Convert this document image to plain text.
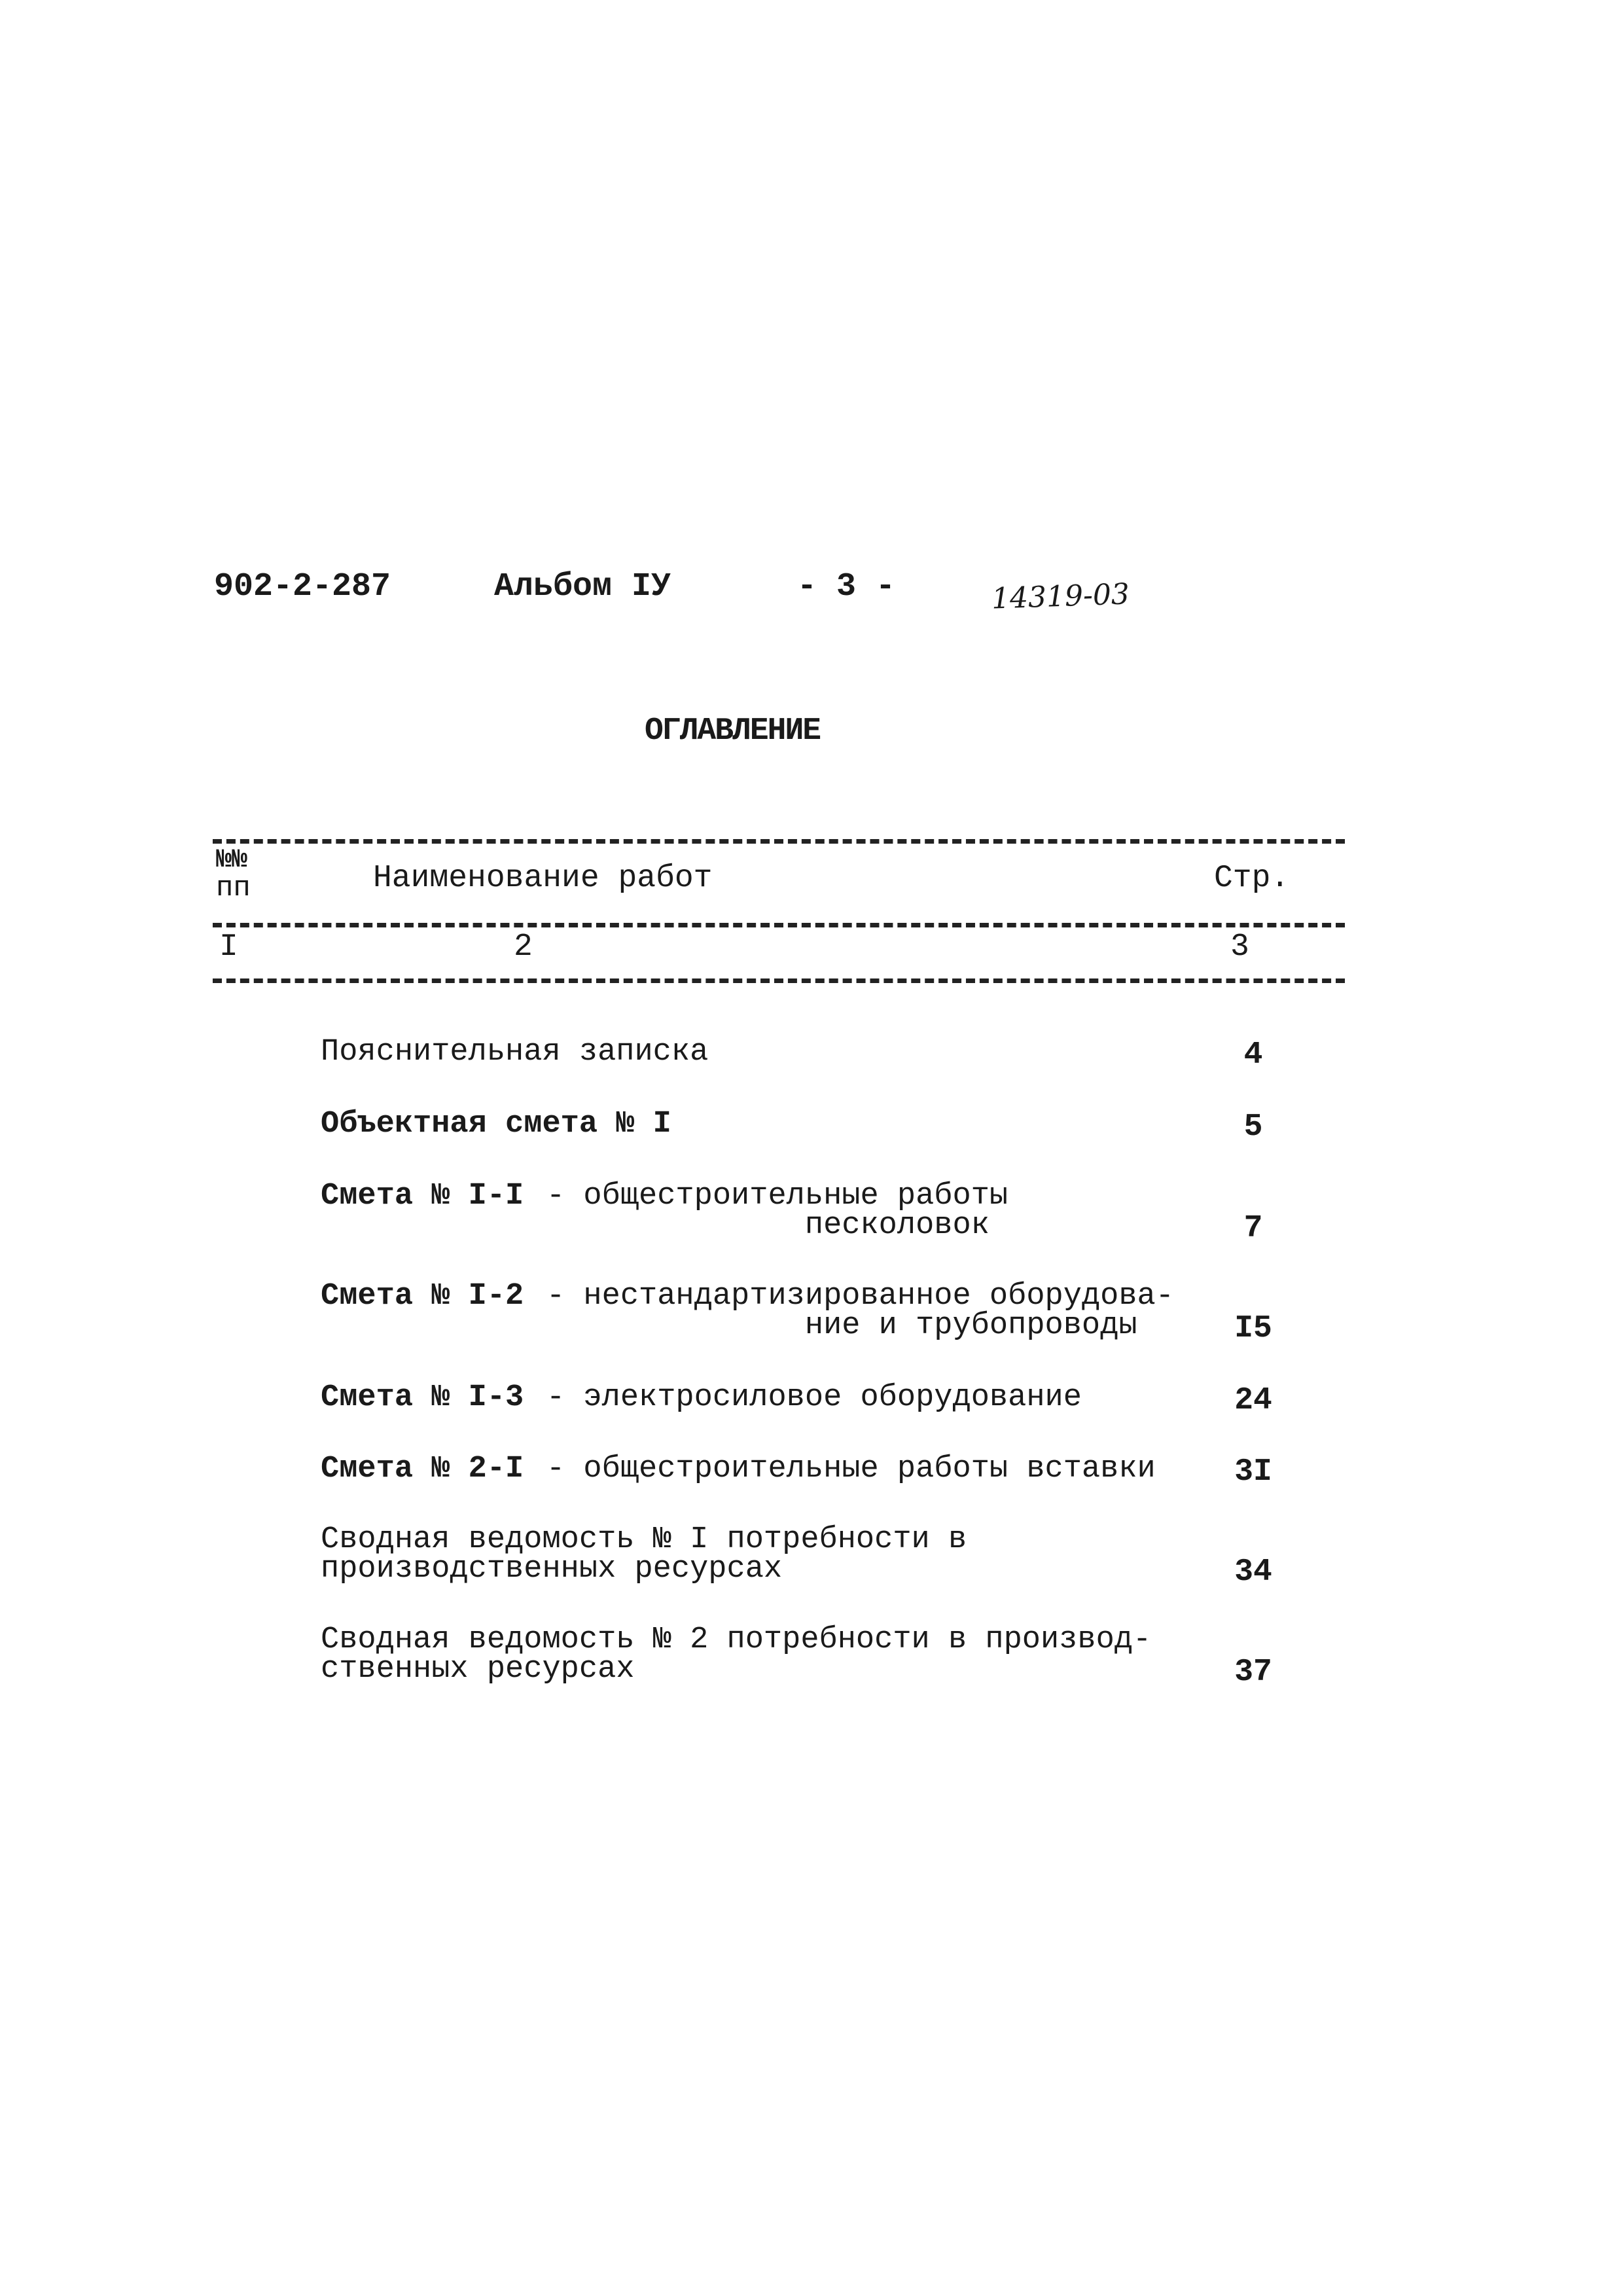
902-2-287	Альбом IУ	- 3 -	14319-03
ОГЛАВЛЕНИЕ
№№
пп	Наименование работ	Стр.
I	2	3
Пояснительная записка	4
Объектная смета № I	5
Смета № I-I - общестроительные работы
песколовок	7
Смета № I-2 - нестандартизированное оборудова-
ние и трубопроводы	I5
Смета № I-3 - электросиловое оборудование	24
Смета № 2-I - общестроительные работы вставки	3I
Сводная ведомость № I потребности в
производственных ресурсах	34
Сводная ведомость № 2 потребности в производ-
ственных ресурсах	37
